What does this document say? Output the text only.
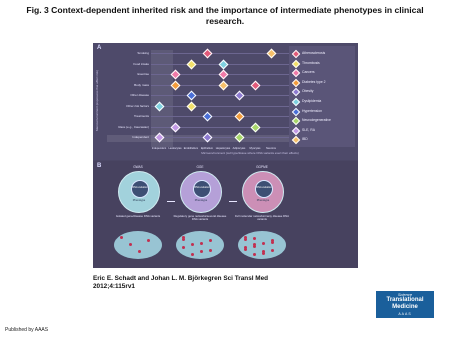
Fig. 3 Context-dependent inherited risk and the importance of intermediate phenotypes in clinical research.
A
Macroenvironment (exposures that affect risk)
Smoking
Food intake
Exercise
Body mass
Other disease
Other risk factors
Treatments
Race (e.g., Caucasian)
Independent
Independent Leukocytes Endothelium Epithelium Hepatocytes Adipocytes Myocytes Neurons
Microenvironment (cell type/tissue where DNA variants exert their effects)
Atherosclerosis
Thrombosis
Cancers
Diabetes type 2
Obesity
Dyslipidemia
Hypertension
Neurodegenerative
SLE, RA
IBD
B	GWAS
DNA variation
Phenotype
Isolated gene/disease DNA variants
GGE
DNA variation
Phenotype
Regulatory gene networks/several disease DNA variants
GGPME
DNA variation
Phenotype
Full molecular networks/many disease DNA variants
Eric E. Schadt and Johan L. M. Björkegren Sci Transl Med
2012;4:115rv1
Science
Translational
Medicine
AAAS
Published by AAAS
